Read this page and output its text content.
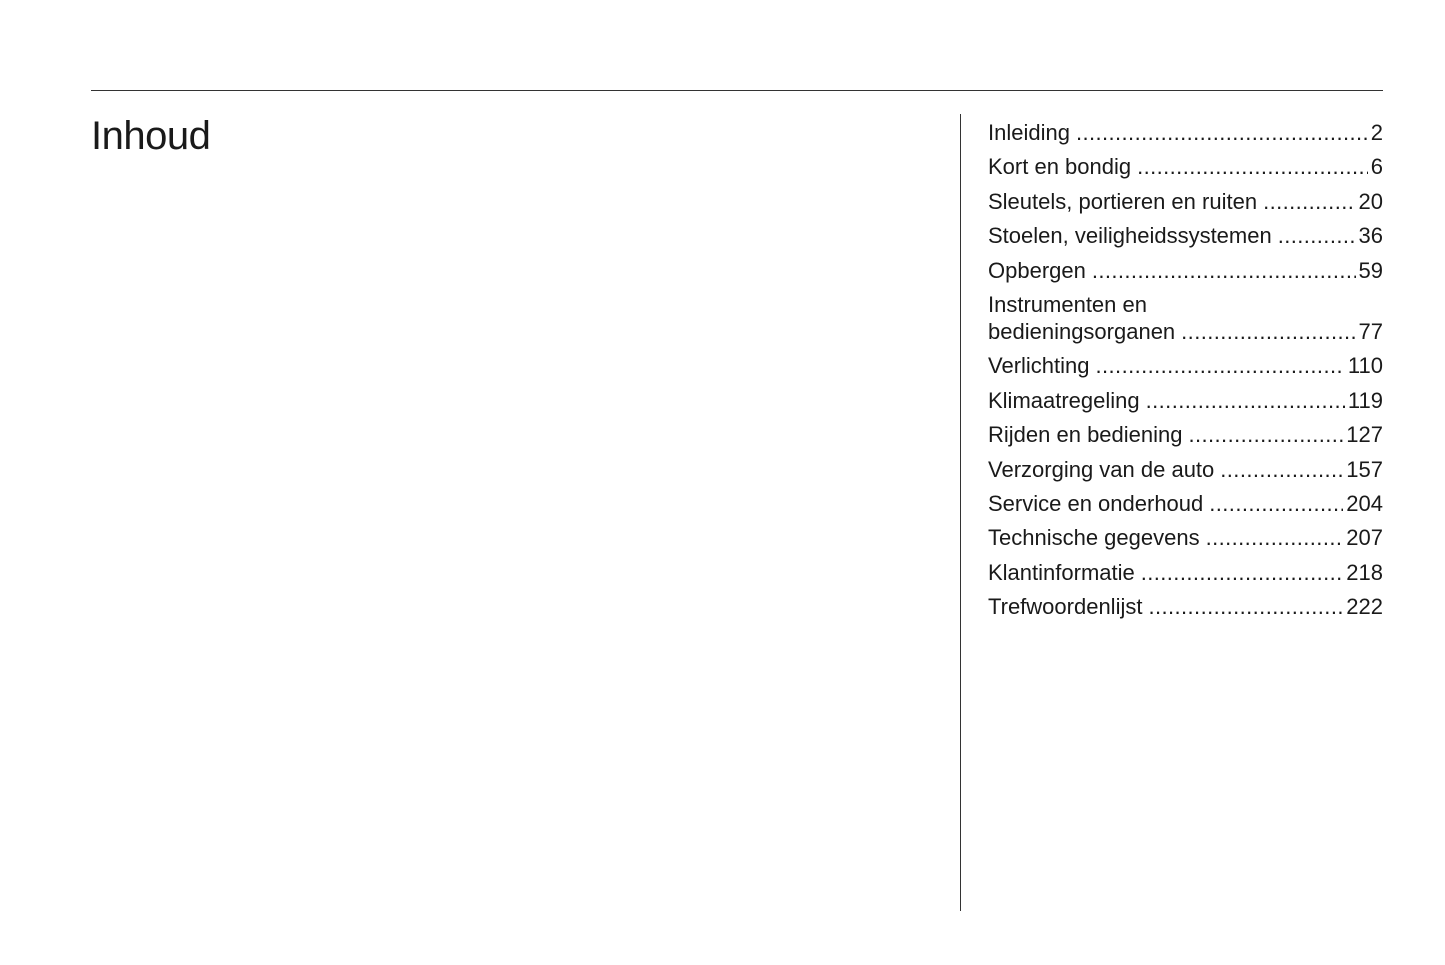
Inhoud	Inleiding .....	2
Kort en bondig .....	6
Sleutels, portieren en ruiten .....	20
Stoelen, veiligheidssystemen .....	36
Opbergen .....	59
Instrumenten en
bedieningsorganen .....	77
Verlichting .....	110
Klimaatregeling .....	119
Rijden en bediening .....	127
Verzorging van de auto .....	157
Service en onderhoud .....	204
Technische gegevens .....	207
Klantinformatie .....	218
Trefwoordenlijst .....	222
